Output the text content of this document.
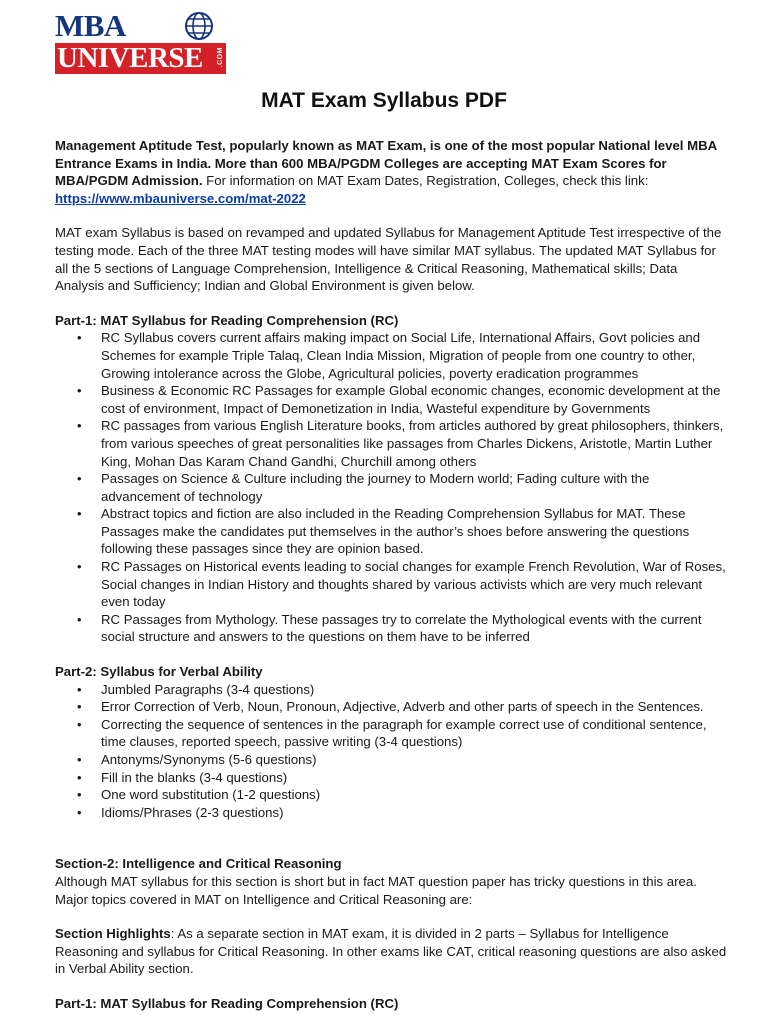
MBA
UNIVERSE .COM
MAT Exam Syllabus PDF

Management Aptitude Test, popularly known as MAT Exam, is one of the most popular National level MBA Entrance Exams in India. More than 600 MBA/PGDM Colleges are accepting MAT Exam Scores for MBA/PGDM Admission. For information on MAT Exam Dates, Registration, Colleges, check this link:
https://www.mbauniverse.com/mat-2022

MAT exam Syllabus is based on revamped and updated Syllabus for Management Aptitude Test irrespective of the testing mode. Each of the three MAT testing modes will have similar MAT syllabus. The updated MAT Syllabus for all the 5 sections of Language Comprehension, Intelligence & Critical Reasoning, Mathematical skills; Data Analysis and Sufficiency; Indian and Global Environment is given below.

Part-1: MAT Syllabus for Reading Comprehension (RC)

• RC Syllabus covers current affairs making impact on Social Life, International Affairs, Govt policies and Schemes for example Triple Talaq, Clean India Mission, Migration of people from one country to other, Growing intolerance across the Globe, Agricultural policies, poverty eradication programmes
• Business & Economic RC Passages for example Global economic changes, economic development at the cost of environment, Impact of Demonetization in India, Wasteful expenditure by Governments
• RC passages from various English Literature books, from articles authored by great philosophers, thinkers, from various speeches of great personalities like passages from Charles Dickens, Aristotle, Martin Luther King, Mohan Das Karam Chand Gandhi, Churchill among others
• Passages on Science & Culture including the journey to Modern world; Fading culture with the advancement of technology
• Abstract topics and fiction are also included in the Reading Comprehension Syllabus for MAT. These Passages make the candidates put themselves in the author’s shoes before answering the questions following these passages since they are opinion based.
• RC Passages on Historical events leading to social changes for example French Revolution, War of Roses, Social changes in Indian History and thoughts shared by various activists which are very much relevant even today
• RC Passages from Mythology. These passages try to correlate the Mythological events with the current social structure and answers to the questions on them have to be inferred

Part-2: Syllabus for Verbal Ability

• Jumbled Paragraphs (3-4 questions)
• Error Correction of Verb, Noun, Pronoun, Adjective, Adverb and other parts of speech in the Sentences.
• Correcting the sequence of sentences in the paragraph for example correct use of conditional sentence, time clauses, reported speech, passive writing (3-4 questions)
• Antonyms/Synonyms (5-6 questions)
• Fill in the blanks (3-4 questions)
• One word substitution (1-2 questions)
• Idioms/Phrases (2-3 questions)

Section-2: Intelligence and Critical Reasoning

Although MAT syllabus for this section is short but in fact MAT question paper has tricky questions in this area. Major topics covered in MAT on Intelligence and Critical Reasoning are:

Section Highlights: As a separate section in MAT exam, it is divided in 2 parts – Syllabus for Intelligence Reasoning and syllabus for Critical Reasoning. In other exams like CAT, critical reasoning questions are also asked in Verbal Ability section.

Part-1: MAT Syllabus for Reading Comprehension (RC)
